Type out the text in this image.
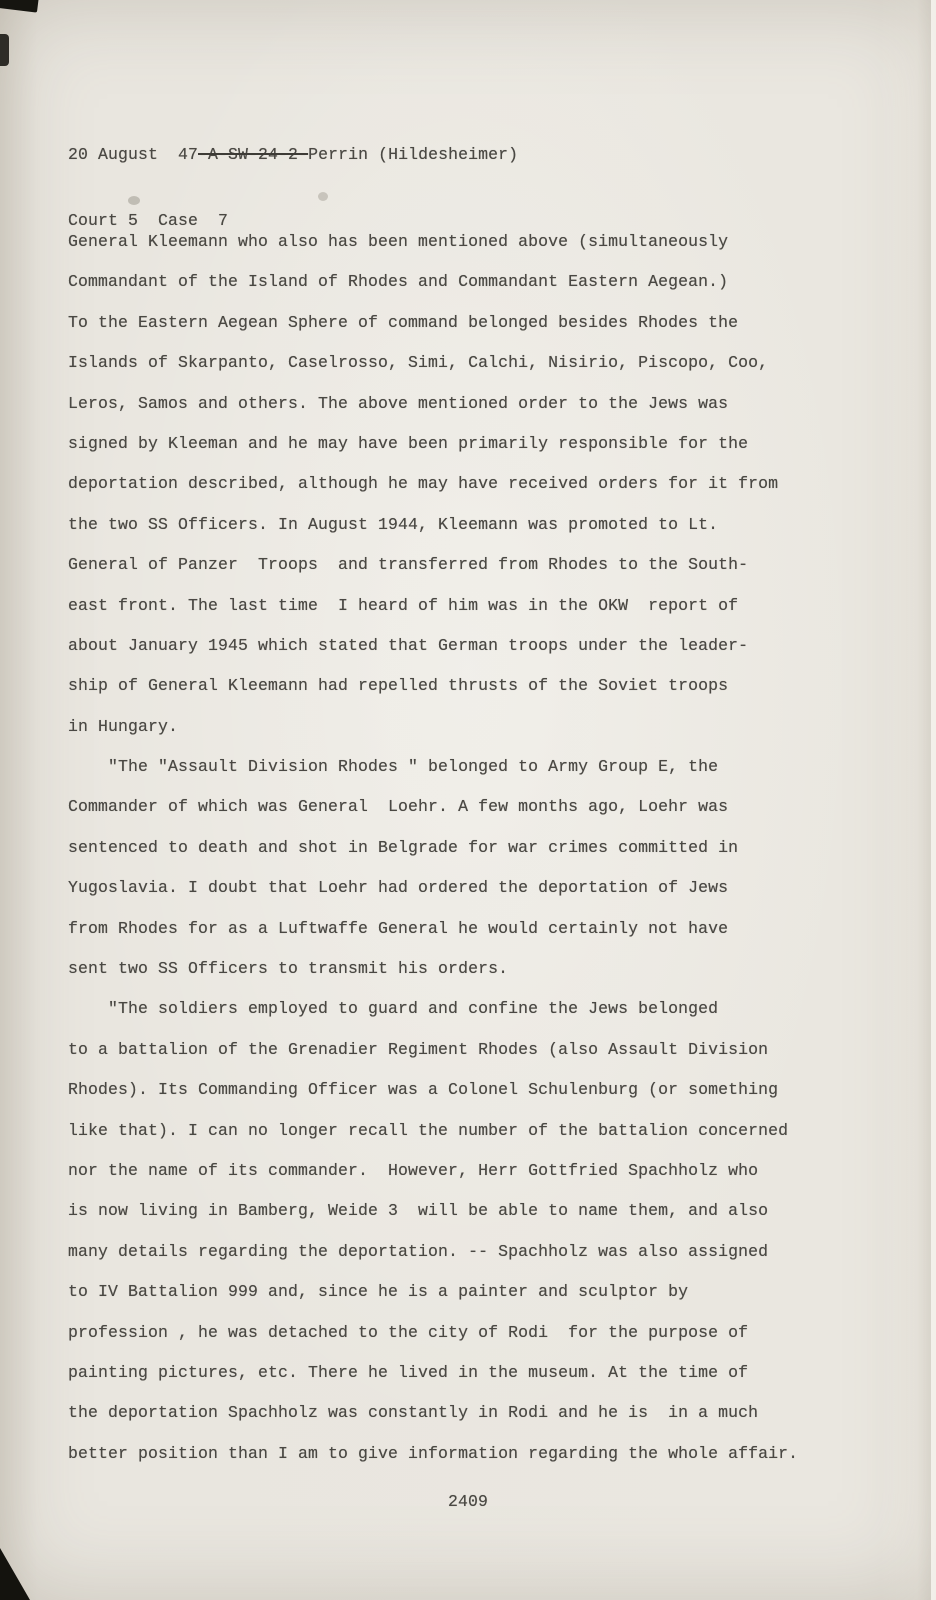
20 August  47-A-SW-24-2-Perrin (Hildesheimer)

Court 5  Case  7

General Kleemann who also has been mentioned above (simultaneously
Commandant of the Island of Rhodes and Commandant Eastern Aegean.)
To the Eastern Aegean Sphere of command belonged besides Rhodes the
Islands of Skarpanto, Caselrosso, Simi, Calchi, Nisirio, Piscopo, Coo,
Leros, Samos and others. The above mentioned order to the Jews was
signed by Kleeman and he may have been primarily responsible for the
deportation described, although he may have received orders for it from
the two SS Officers. In August 1944, Kleemann was promoted to Lt.
General of Panzer  Troops  and transferred from Rhodes to the South-
east front. The last time  I heard of him was in the OKW  report of
about January 1945 which stated that German troops under the leader-
ship of General Kleemann had repelled thrusts of the Soviet troops
in Hungary.
"The "Assault Division Rhodes " belonged to Army Group E, the
Commander of which was General  Loehr. A few months ago, Loehr was
sentenced to death and shot in Belgrade for war crimes committed in
Yugoslavia. I doubt that Loehr had ordered the deportation of Jews
from Rhodes for as a Luftwaffe General he would certainly not have
sent two SS Officers to transmit his orders.
"The soldiers employed to guard and confine the Jews belonged
to a battalion of the Grenadier Regiment Rhodes (also Assault Division
Rhodes). Its Commanding Officer was a Colonel Schulenburg (or something
like that). I can no longer recall the number of the battalion concerned
nor the name of its commander.  However, Herr Gottfried Spachholz who
is now living in Bamberg, Weide 3  will be able to name them, and also
many details regarding the deportation. -- Spachholz was also assigned
to IV Battalion 999 and, since he is a painter and sculptor by
profession , he was detached to the city of Rodi  for the purpose of
painting pictures, etc. There he lived in the museum. At the time of
the deportation Spachholz was constantly in Rodi and he is  in a much
better position than I am to give information regarding the whole affair.
2409
